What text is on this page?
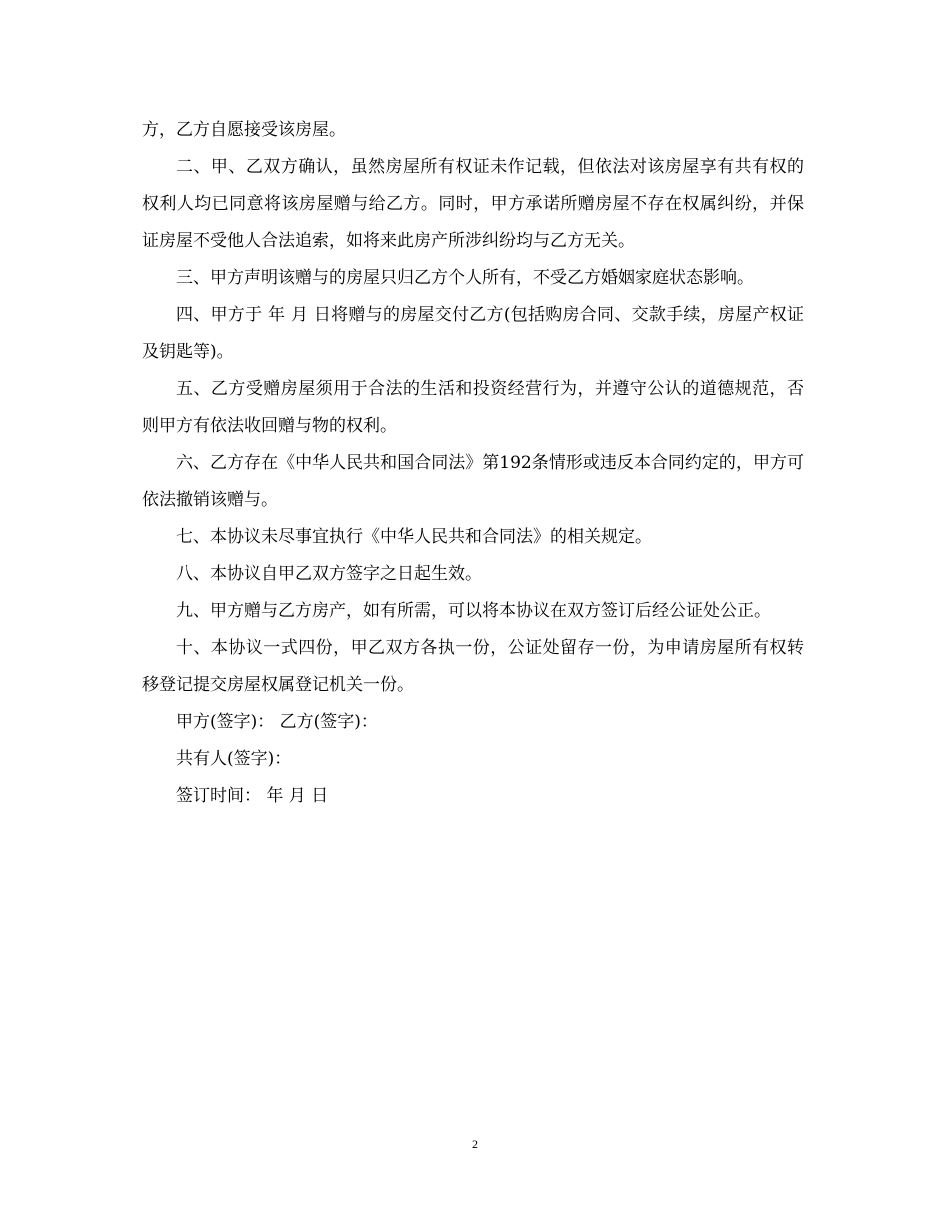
方，乙方自愿接受该房屋。

二、甲、乙双方确认，虽然房屋所有权证未作记载，但依法对该房屋享有共有权的权利人均已同意将该房屋赠与给乙方。同时，甲方承诺所赠房屋不存在权属纠纷，并保证房屋不受他人合法追索，如将来此房产所涉纠纷均与乙方无关。

三、甲方声明该赠与的房屋只归乙方个人所有，不受乙方婚姻家庭状态影响。

四、甲方于 年 月 日将赠与的房屋交付乙方(包括购房合同、交款手续，房屋产权证及钥匙等)。

五、乙方受赠房屋须用于合法的生活和投资经营行为，并遵守公认的道德规范，否则甲方有依法收回赠与物的权利。

六、乙方存在《中华人民共和国合同法》第192条情形或违反本合同约定的，甲方可依法撤销该赠与。

七、本协议未尽事宜执行《中华人民共和合同法》的相关规定。

八、本协议自甲乙双方签字之日起生效。

九、甲方赠与乙方房产，如有所需，可以将本协议在双方签订后经公证处公正。

十、本协议一式四份，甲乙双方各执一份，公证处留存一份，为申请房屋所有权转移登记提交房屋权属登记机关一份。

甲方(签字)： 乙方(签字)：

共有人(签字)：

签订时间： 年 月 日

2
